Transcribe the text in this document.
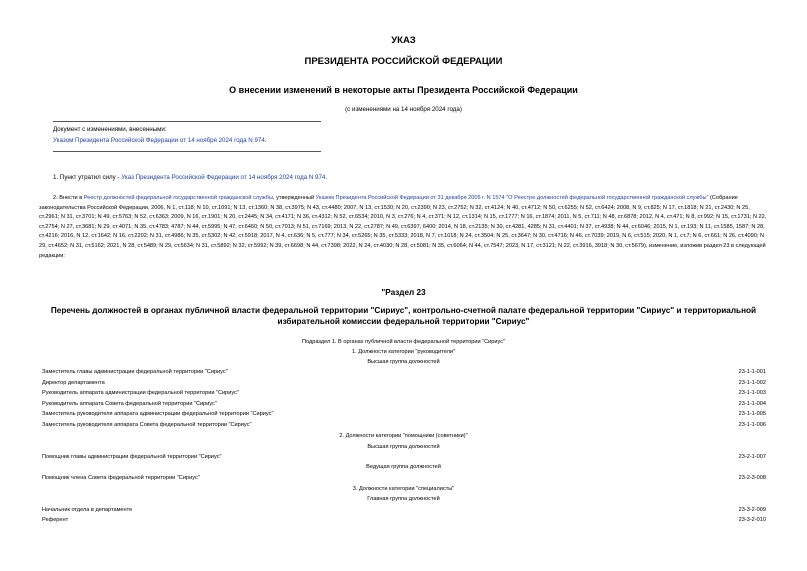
УКАЗ
ПРЕЗИДЕНТА РОССИЙСКОЙ ФЕДЕРАЦИИ
О внесении изменений в некоторые акты Президента Российской Федерации
(с изменениями на 14 ноября 2024 года)
Документ с изменениями, внесенными:
Указом Президента Российской Федерации от 14 ноября 2024 года N 974.
1. Пункт утратил силу - Указ Президента Российской Федерации от 14 ноября 2024 года N 974.
2. Внести в Реестр должностей федеральной государственной гражданской службы, утвержденный Указом Президента Российской Федерации от 31 декабря 2005 г. N 1574 "О Реестре должностей федеральной государственной гражданской службы" (Собрание законодательства Российской Федерации, 2006, N 1, ст.118; N 10, ст.1091; N 13, ст.1360; N 38, ст.3975; N 43, ст.4480; 2007, N 13, ст.1530; N 20, ст.2390; N 23, ст.2752; N 32, ст.4124; N 40, ст.4712; N 50, ст.6255; N 52, ст.6424; 2008, N 9, ст.825; N 17, ст.1818; N 21, ст.2430; N 25, ст.2961; N 31, ст.3701; N 49, ст.5763; N 52, ст.6363; 2009, N 16, ст.1901; N 20, ст.2445; N 34, ст.4171; N 36, ст.4312; N 52, ст.6534; 2010, N 3, ст.276; N 4, ст.371; N 12, ст.1314; N 15, ст.1777; N 16, ст.1874; 2011, N 5, ст.711; N 48, ст.6878; 2012, N 4, ст.471; N 8, ст.992; N 15, ст.1731; N 22, ст.2754; N 27, ст.3681; N 29, ст.4071; N 35, ст.4783; 4787; N 44, ст.5995; N 47, ст.6460; N 50, ст.7013; N 51, ст.7169; 2013, N 22, ст.2787; N 49, ст.6397, 6400; 2014, N 18, ст.2135; N 30, ст.4281, 4285; N 31, ст.4401; N 37, ст.4938; N 44, ст.6046; 2015, N 1, ст.193; N 11, ст.1585, 1587; N 28, ст.4216; 2016, N 12, ст.1642; N 16, ст.2202; N 31, ст.4986; N 35, ст.5302; N 42, ст.5918; 2017, N 4, ст.636; N 5, ст.777; N 34, ст.5265; N 35, ст.5333; 2018, N 7, ст.1018; N 24, ст.3504; N 25, ст.3647; N 30, ст.4716; N 46, ст.7039; 2019, N 6, ст.515; 2020, N 1, ст.7; N 6, ст.661; N 26, ст.4090; N 29, ст.4652; N 31, ст.5162; 2021, N 28, ст.5489; N 29, ст.5634; N 31, ст.5892; N 32, ст.5992; N 39, ст.6698; N 44, ст.7398; 2022, N 24, ст.4030; N 28, ст.5081; N 35, ст.6064; N 44, ст.7547; 2023, N 17, ст.3121; N 22, ст.3916, 3918; N 30, ст.5679), изменение, изложив раздел 23 в следующей редакции:
"Раздел 23
Перечень должностей в органах публичной власти федеральной территории "Сириус", контрольно-счетной палате федеральной территории "Сириус" и территориальной избирательной комиссии федеральной территории "Сириус"
Подраздел 1. В органах публичной власти федеральной территории "Сириус"
1. Должности категории "руководители"
Высшая группа должностей
Заместитель главы администрации федеральной территории "Сириус"	23-1-1-001
Директор департамента	23-1-1-002
Руководитель аппарата администрации федеральной территории "Сириус"	23-1-1-003
Руководитель аппарата Совета федеральной территории "Сириус"	23-1-1-004
Заместитель руководителя аппарата администрации федеральной территории "Сириус"	23-1-1-005
Заместитель руководителя аппарата Совета федеральной территории "Сириус"	23-1-1-006
2. Должности категории "помощники (советники)"
Высшая группа должностей
Помощник главы администрации федеральной территории "Сириус"	23-2-1-007
Ведущая группа должностей
Помощник члена Совета федеральной территории "Сириус"	23-2-3-008
3. Должности категории "специалисты"
Главная группа должностей
Начальник отдела в департаменте	23-3-2-009
Референт	23-3-2-010
